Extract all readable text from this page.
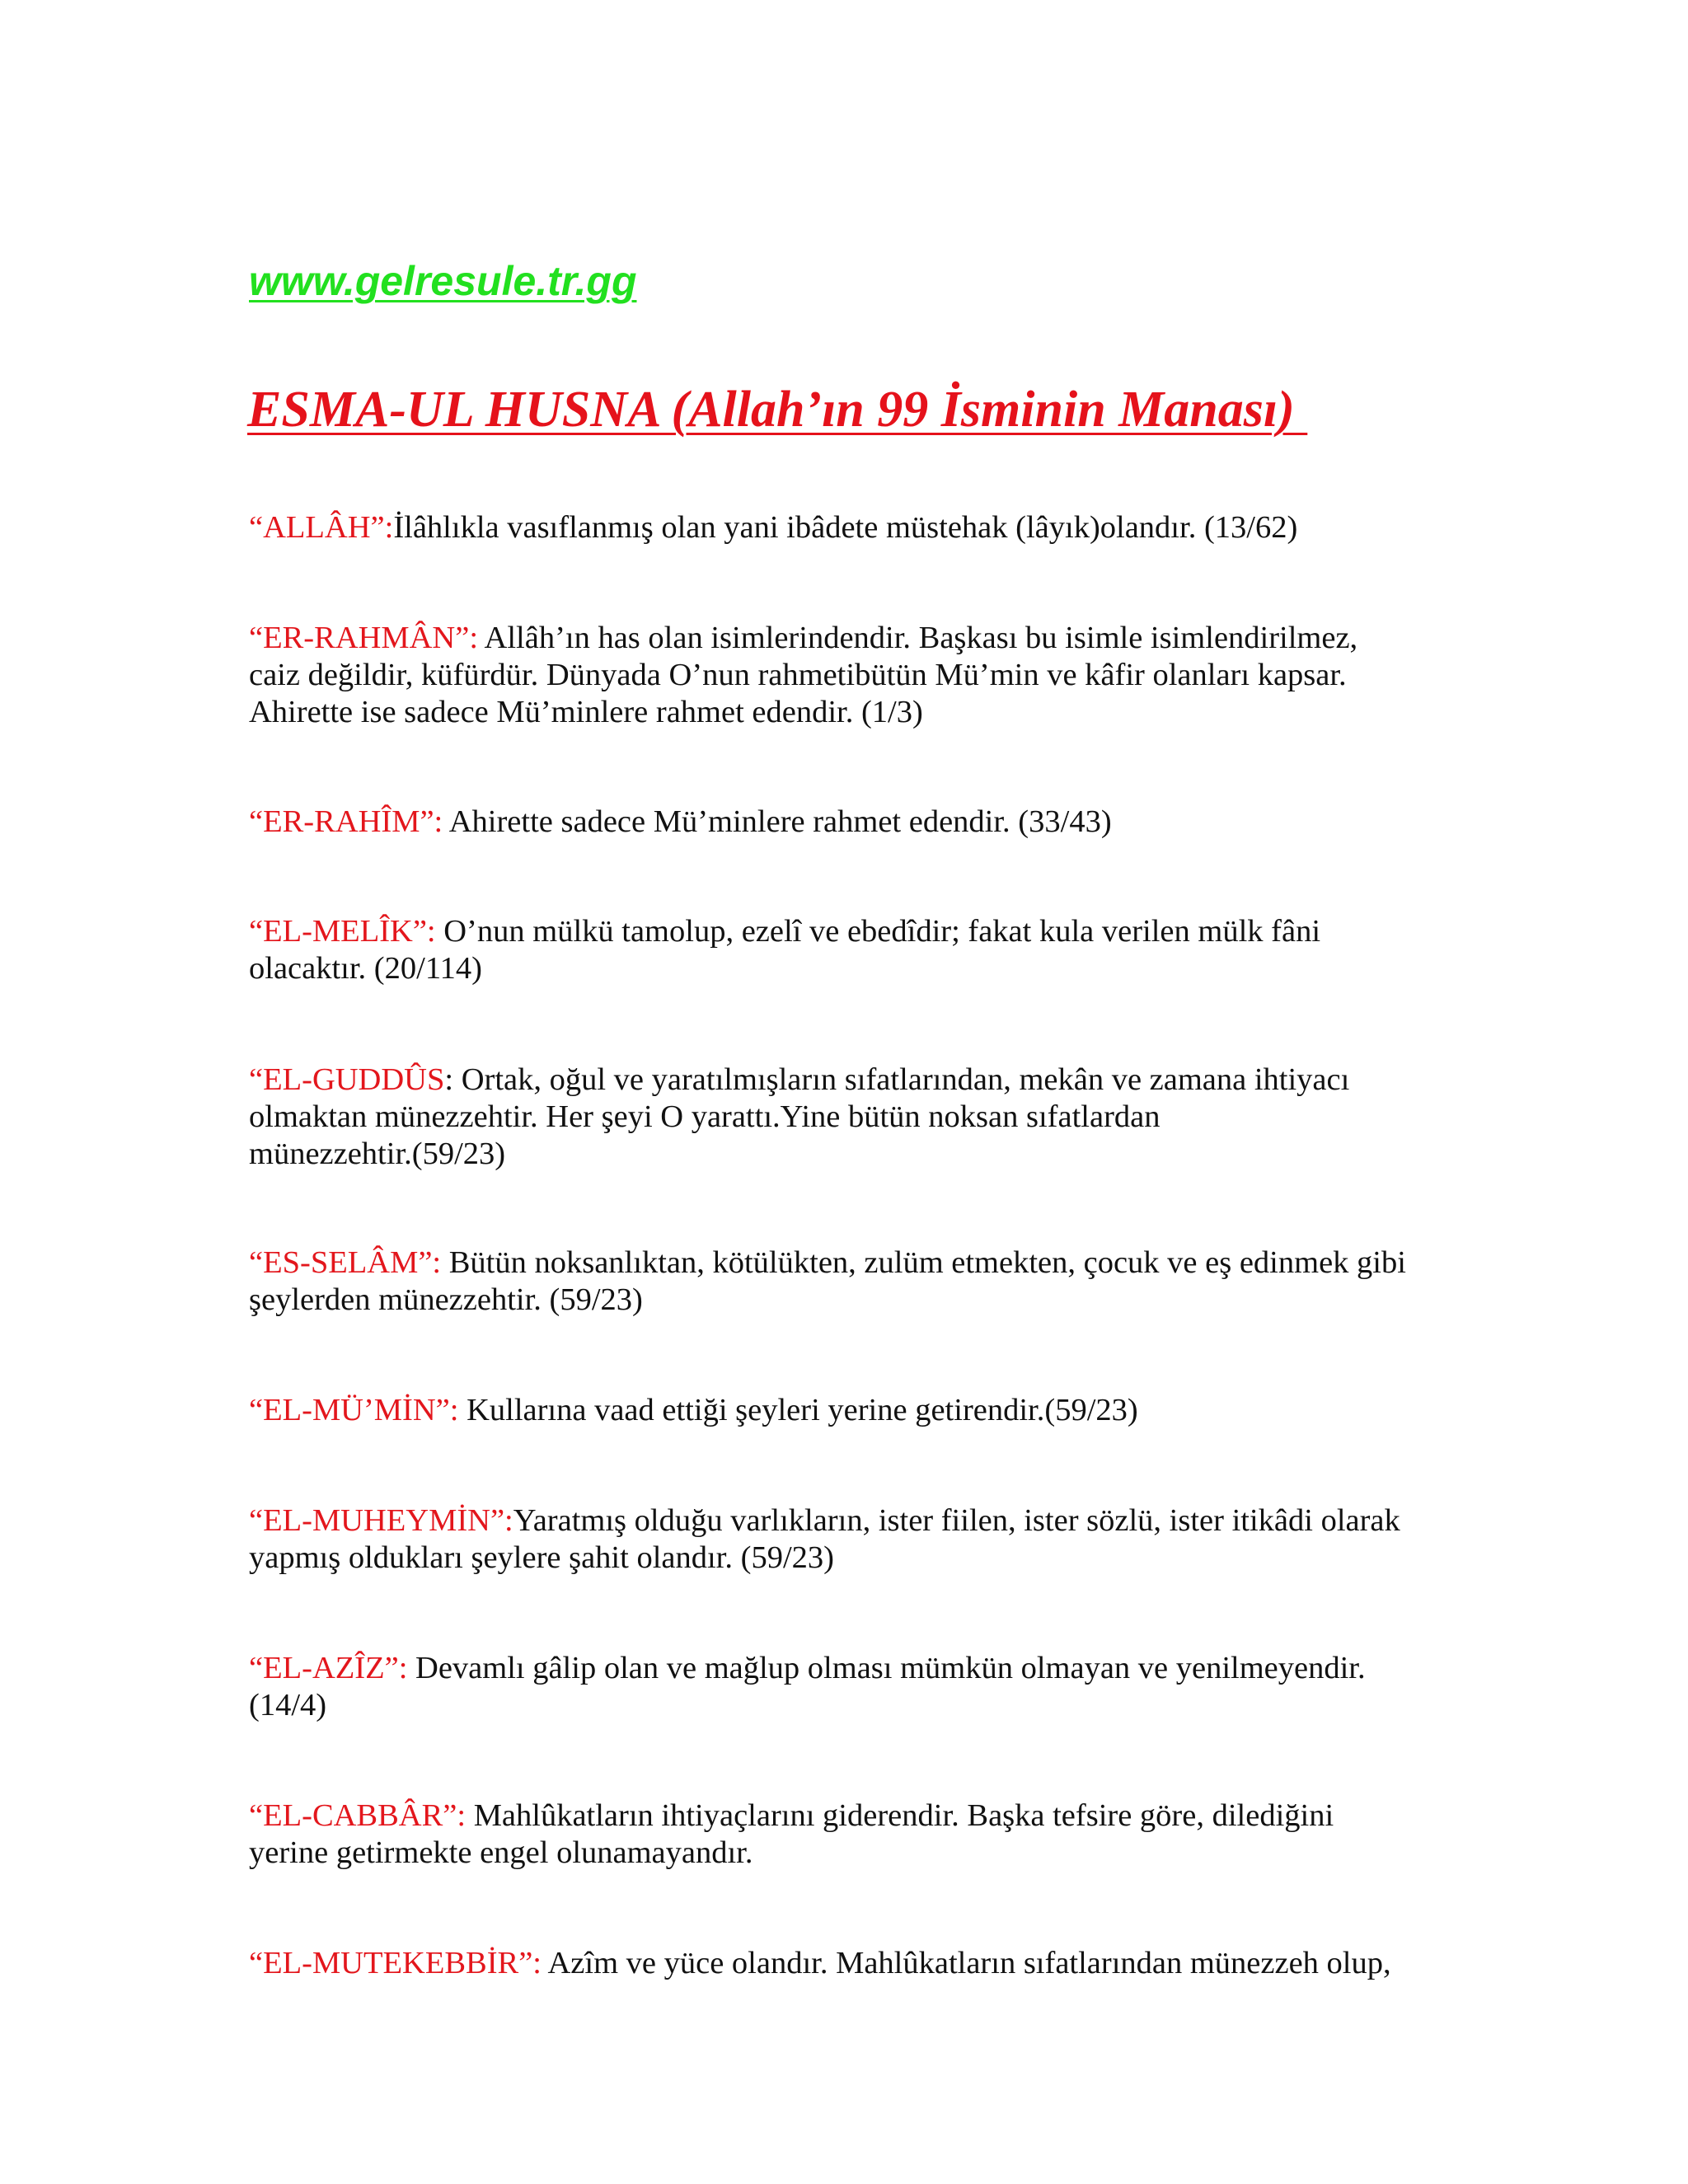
www.gelresule.tr.gg
ESMA-UL HUSNA (Allah’ın 99 İsminin Manası)

“ALLÂH”:İlâhlıkla vasıflanmış olan yani ibâdete müstehak (lâyık)olandır. (13/62)

“ER-RAHMÂN”: Allâh’ın has olan isimlerindendir. Başkası bu isimle isimlendirilmez,
caiz değildir, küfürdür. Dünyada O’nun rahmetibütün Mü’min ve kâfir olanları kapsar.
Ahirette ise sadece Mü’minlere rahmet edendir. (1/3)

“ER-RAHÎM”: Ahirette sadece Mü’minlere rahmet edendir. (33/43)

“EL-MELÎK”: O’nun mülkü tamolup, ezelî ve ebedîdir; fakat kula verilen mülk fâni
olacaktır. (20/114)

“EL-GUDDÛS: Ortak, oğul ve yaratılmışların sıfatlarından, mekân ve zamana ihtiyacı
olmaktan münezzehtir. Her şeyi O yarattı.Yine bütün noksan sıfatlardan
münezzehtir.(59/23)

“ES-SELÂM”: Bütün noksanlıktan, kötülükten, zulüm etmekten, çocuk ve eş edinmek gibi
şeylerden münezzehtir. (59/23)

“EL-MÜ’MİN”: Kullarına vaad ettiği şeyleri yerine getirendir.(59/23)

“EL-MUHEYMİN”:Yaratmış olduğu varlıkların, ister fiilen, ister sözlü, ister itikâdi olarak
yapmış oldukları şeylere şahit olandır. (59/23)

“EL-AZÎZ”: Devamlı gâlip olan ve mağlup olması mümkün olmayan ve yenilmeyendir.
(14/4)

“EL-CABBÂR”: Mahlûkatların ihtiyaçlarını giderendir. Başka tefsire göre, dilediğini
yerine getirmekte engel olunamayandır.

“EL-MUTEKEBBİR”: Azîm ve yüce olandır. Mahlûkatların sıfatlarından münezzeh olup,
